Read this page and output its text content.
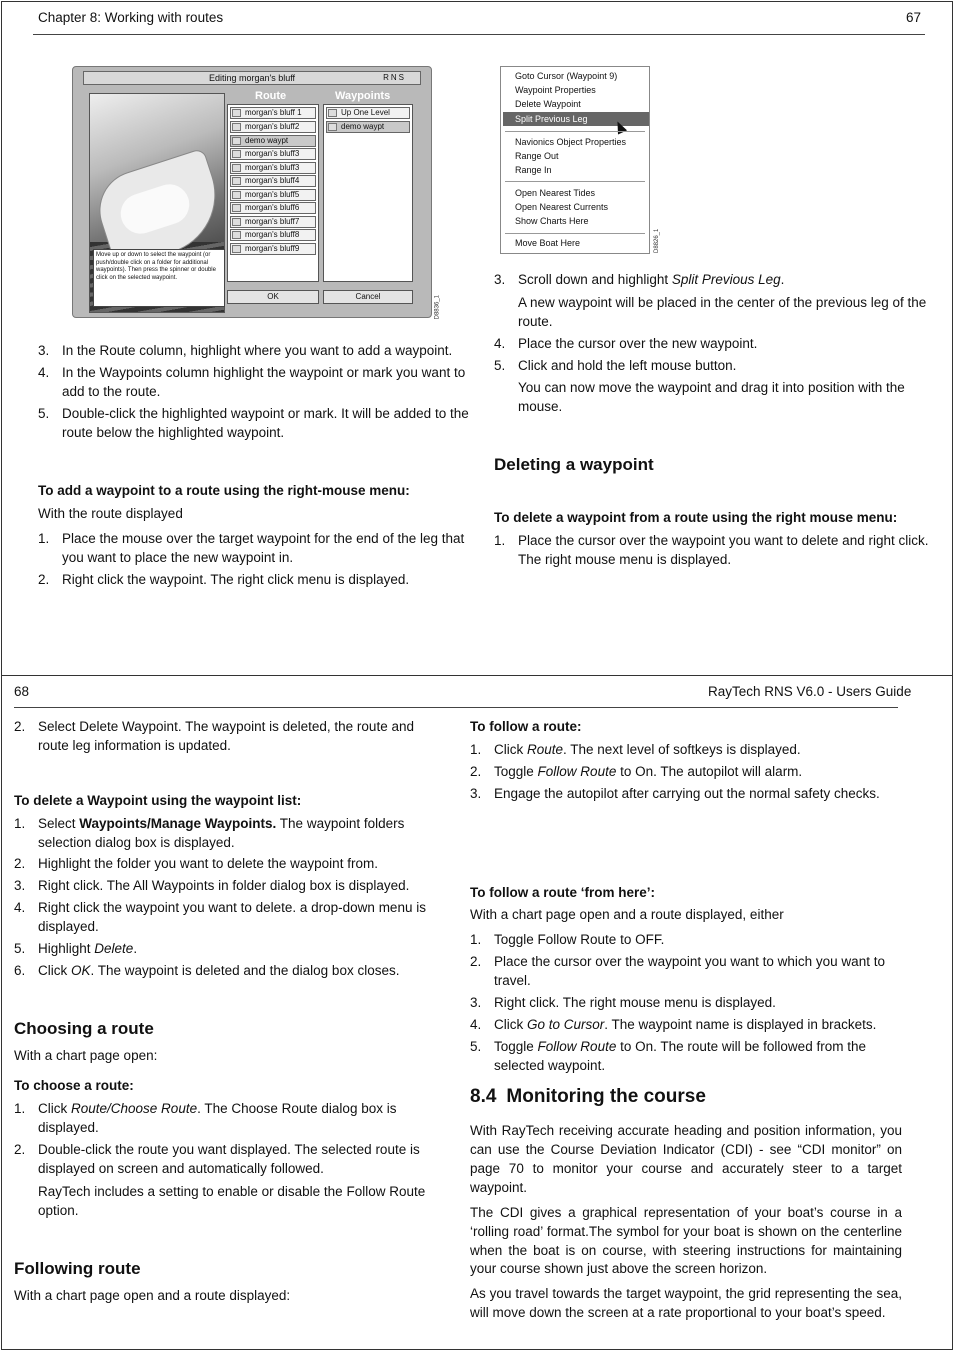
Chapter 8: Working with routes	67
Editing morgan's bluff	RNS
Move up or down to select the waypoint (or push/double click on a folder for additional waypoints). Then press the spinner or double click on the selected waypoint.
Route	Waypoints
morgan's bluff 1
morgan's bluff2
demo waypt
morgan's bluff3
morgan's bluff3
morgan's bluff4
morgan's bluff5
morgan's bluff6
morgan's bluff7
morgan's bluff8
morgan's bluff9
Up One Level
demo waypt
OK	Cancel	D8836_1
Goto Cursor (Waypoint 9)
Waypoint Properties
Delete Waypoint
Split Previous Leg
Navionics Object Properties
Range Out
Range In
Open Nearest Tides
Open Nearest Currents
Show Charts Here
Move Boat Here	D8826_1
3. In the Route column, highlight where you want to add a waypoint.
4. In the Waypoints column highlight the waypoint or mark you want to add to the route.
5. Double-click the highlighted waypoint or mark. It will be added to the route below the highlighted waypoint.
To add a waypoint to a route using the right-mouse menu:

With the route displayed

1. Place the mouse over the target waypoint for the end of the leg that you want to place the new waypoint in.
2. Right click the waypoint. The right click menu is displayed.
3. Scroll down and highlight Split Previous Leg.
A new waypoint will be placed in the center of the previous leg of the route.
4. Place the cursor over the new waypoint.
5. Click and hold the left mouse button.
You can now move the waypoint and drag it into position with the mouse.
Deleting a waypoint
To delete a waypoint from a route using the right mouse menu:
1. Place the cursor over the waypoint you want to delete and right click. The right mouse menu is displayed.
68	RayTech RNS V6.0 - Users Guide
2. Select Delete Waypoint. The waypoint is deleted, the route and route leg information is updated.
To delete a Waypoint using the waypoint list:
1. Select Waypoints/Manage Waypoints. The waypoint folders selection dialog box is displayed.
2. Highlight the folder you want to delete the waypoint from.
3. Right click. The All Waypoints in folder dialog box is displayed.
4. Right click the waypoint you want to delete. a drop-down menu is displayed.
5. Highlight Delete.
6. Click OK. The waypoint is deleted and the dialog box closes.
Choosing a route

With a chart page open:

To choose a route:
1. Click Route/Choose Route. The Choose Route dialog box is displayed.
2. Double-click the route you want displayed. The selected route is displayed on screen and automatically followed.
RayTech includes a setting to enable or disable the Follow Route option.
Following route

With a chart page open and a route displayed:

To follow a route:
1. Click Route. The next level of softkeys is displayed.
2. Toggle Follow Route to On. The autopilot will alarm.
3. Engage the autopilot after carrying out the normal safety checks.
To follow a route ‘from here’:

With a chart page open and a route displayed, either

1. Toggle Follow Route to OFF.
2. Place the cursor over the waypoint you want to which you want to travel.
3. Right click. The right mouse menu is displayed.
4. Click Go to Cursor. The waypoint name is displayed in brackets.
5. Toggle Follow Route to On. The route will be followed from the selected waypoint.
8.4 Monitoring the course

With RayTech receiving accurate heading and position information, you can use the Course Deviation Indicator (CDI) - see “CDI monitor” on page 70 to monitor your course and accurately steer to a target waypoint.

The CDI gives a graphical representation of your boat’s course in a ‘rolling road’ format.The symbol for your boat is shown on the centerline when the boat is on course, with steering instructions for maintaining your course shown just above the screen horizon.

As you travel towards the target waypoint, the grid representing the sea, will move down the screen at a rate proportional to your boat’s speed.
